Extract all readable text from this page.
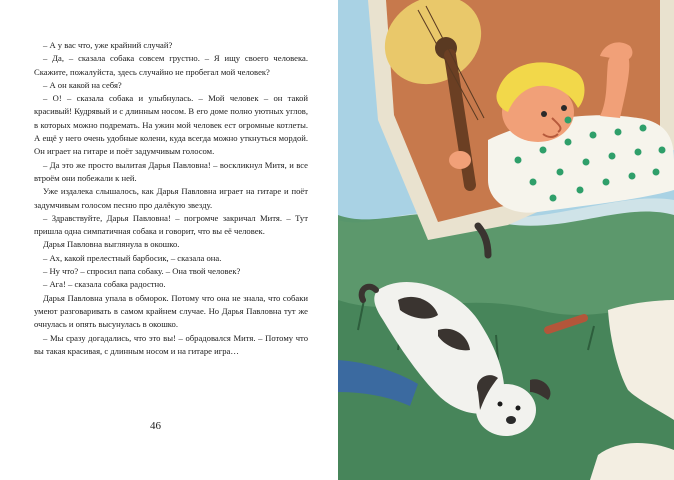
– А у вас что, уже крайний случай?

– Да, – сказала собака совсем грустно. – Я ищу своего человека. Скажите, пожалуйста, здесь случайно не пробегал мой человек?

– А он какой на себя?

– О! – сказала собака и улыбнулась. – Мой человек – он такой красивый! Кудрявый и с длинным носом. В его доме полно уютных углов, в которых можно подремать. На ужин мой человек ест огромные котлеты. А ещё у него очень удобные колени, куда всегда можно уткнуться мордой. Он играет на гитаре и поёт задумчивым голосом.

– Да это же просто вылитая Дарья Павловна! – воскликнул Митя, и все втроём они побежали к ней.

Уже издалека слышалось, как Дарья Павловна играет на гитаре и поёт задумчивым голосом песню про далёкую звезду.

– Здравствуйте, Дарья Павловна! – погромче закричал Митя. – Тут пришла одна симпатичная собака и говорит, что вы её человек.

Дарья Павловна выглянула в окошко.

– Ах, какой прелестный барбосик, – сказала она.

– Ну что? – спросил папа собаку. – Она твой человек?

– Ага! – сказала собака радостно.

Дарья Павловна упала в обморок. Потому что она не знала, что собаки умеют разговаривать в самом крайнем случае. Но Дарья Павловна тут же очнулась и опять высунулась в окошко.

– Мы сразу догадались, что это вы! – обрадовался Митя. – Потому что вы такая красивая, с длинным носом и на гитаре игра…

46
